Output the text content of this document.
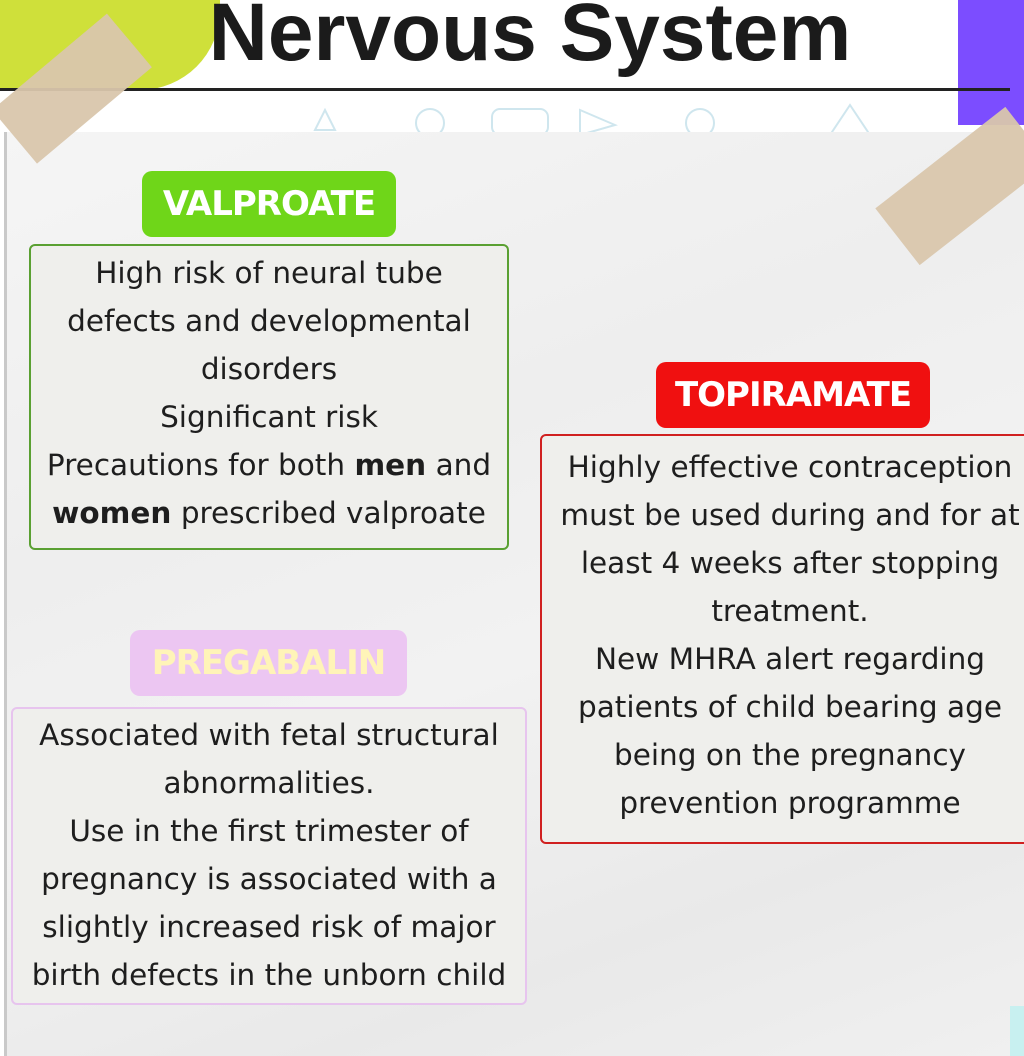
Nervous System
VALPROATE

High risk of neural tube

defects and developmental

disorders

Significant risk

Precautions for both men and

women prescribed valproate

TOPIRAMATE

Highly effective contraception

must be used during and for at

least 4 weeks after stopping

treatment.

New MHRA alert regarding

patients of child bearing age

being on the pregnancy

prevention programme

PREGABALIN

Associated with fetal structural

abnormalities.

Use in the first trimester of

pregnancy is associated with a

slightly increased risk of major

birth defects in the unborn child
